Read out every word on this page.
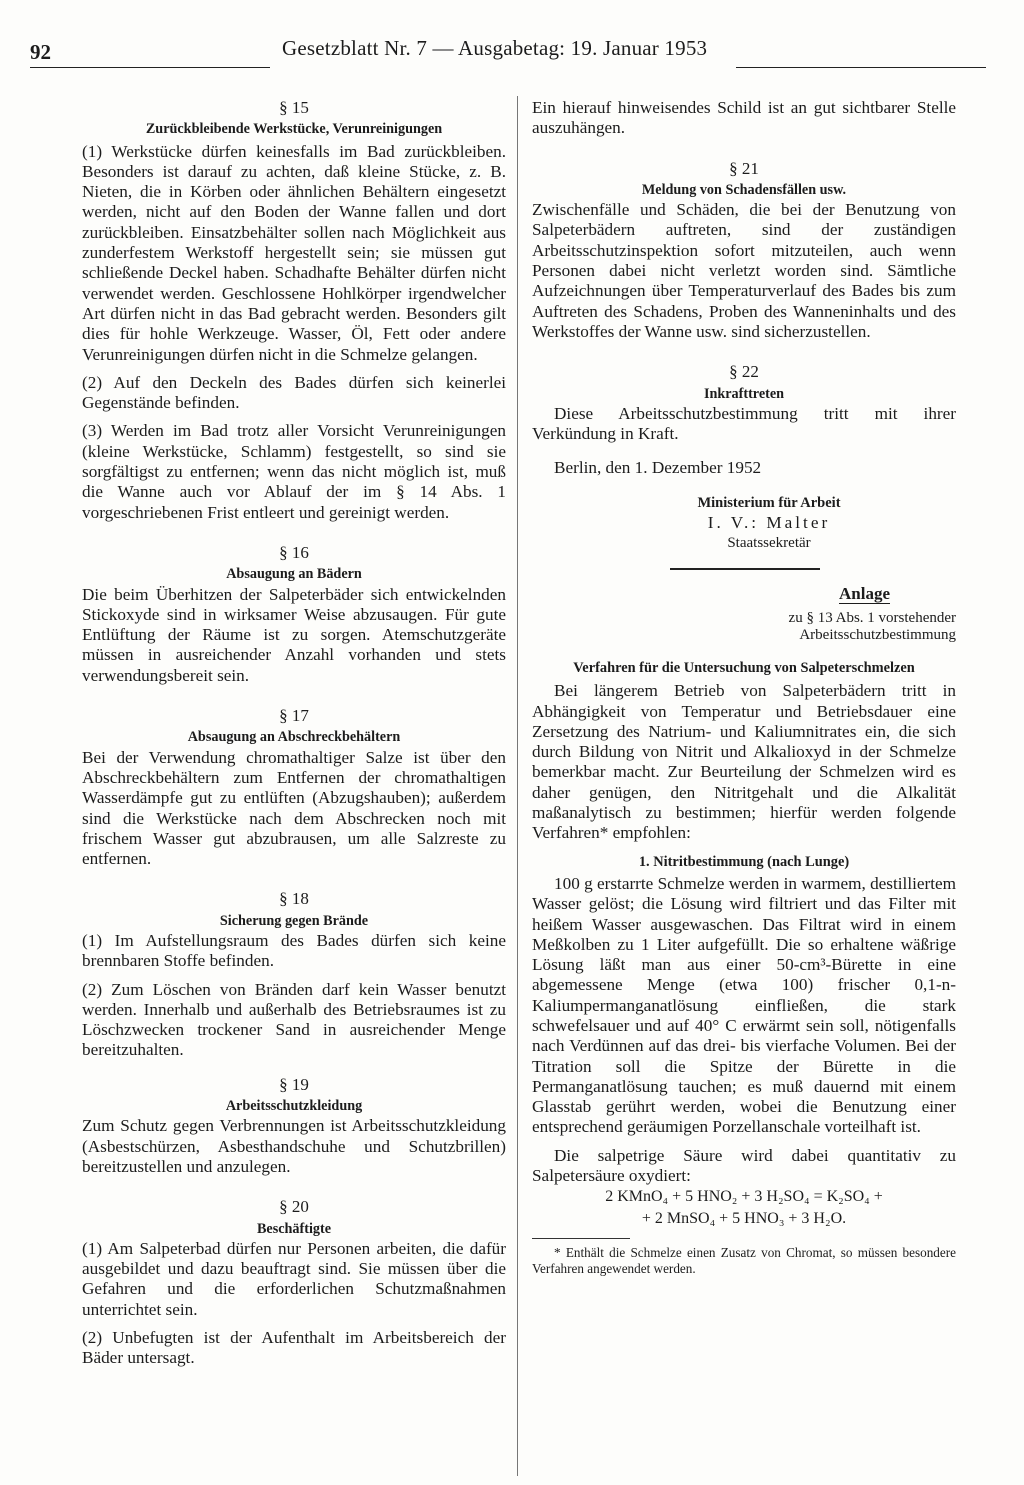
92	Gesetzblatt Nr. 7 — Ausgabetag: 19. Januar 1953
§ 15
Zurückbleibende Werkstücke, Verunreinigungen

(1) Werkstücke dürfen keinesfalls im Bad zurückbleiben. Besonders ist darauf zu achten, daß kleine Stücke, z. B. Nieten, die in Körben oder ähnlichen Behältern eingesetzt werden, nicht auf den Boden der Wanne fallen und dort zurückbleiben. Einsatzbehälter sollen nach Möglichkeit aus zunderfestem Werkstoff hergestellt sein; sie müssen gut schließende Deckel haben. Schadhafte Behälter dürfen nicht verwendet werden. Geschlossene Hohlkörper irgendwelcher Art dürfen nicht in das Bad gebracht werden. Besonders gilt dies für hohle Werkzeuge. Wasser, Öl, Fett oder andere Verunreinigungen dürfen nicht in die Schmelze gelangen.

(2) Auf den Deckeln des Bades dürfen sich keinerlei Gegenstände befinden.

(3) Werden im Bad trotz aller Vorsicht Verunreinigungen (kleine Werkstücke, Schlamm) festgestellt, so sind sie sorgfältigst zu entfernen; wenn das nicht möglich ist, muß die Wanne auch vor Ablauf der im § 14 Abs. 1 vorgeschriebenen Frist entleert und gereinigt werden.

§ 16
Absaugung an Bädern

Die beim Überhitzen der Salpeterbäder sich entwickelnden Stickoxyde sind in wirksamer Weise abzusaugen. Für gute Entlüftung der Räume ist zu sorgen. Atemschutzgeräte müssen in ausreichender Anzahl vorhanden und stets verwendungsbereit sein.

§ 17
Absaugung an Abschreckbehältern

Bei der Verwendung chromathaltiger Salze ist über den Abschreckbehältern zum Entfernen der chromathaltigen Wasserdämpfe gut zu entlüften (Abzugshauben); außerdem sind die Werkstücke nach dem Abschrecken noch mit frischem Wasser gut abzubrausen, um alle Salzreste zu entfernen.

§ 18
Sicherung gegen Brände

(1) Im Aufstellungsraum des Bades dürfen sich keine brennbaren Stoffe befinden.

(2) Zum Löschen von Bränden darf kein Wasser benutzt werden. Innerhalb und außerhalb des Betriebsraumes ist zu Löschzwecken trockener Sand in ausreichender Menge bereitzuhalten.

§ 19
Arbeitsschutzkleidung

Zum Schutz gegen Verbrennungen ist Arbeitsschutzkleidung (Asbestschürzen, Asbesthandschuhe und Schutzbrillen) bereitzustellen und anzulegen.

§ 20
Beschäftigte

(1) Am Salpeterbad dürfen nur Personen arbeiten, die dafür ausgebildet und dazu beauftragt sind. Sie müssen über die Gefahren und die erforderlichen Schutzmaßnahmen unterrichtet sein.

(2) Unbefugten ist der Aufenthalt im Arbeitsbereich der Bäder untersagt.

Ein hierauf hinweisendes Schild ist an gut sichtbarer Stelle auszuhängen.

§ 21
Meldung von Schadensfällen usw.

Zwischenfälle und Schäden, die bei der Benutzung von Salpeterbädern auftreten, sind der zuständigen Arbeitsschutzinspektion sofort mitzuteilen, auch wenn Personen dabei nicht verletzt worden sind. Sämtliche Aufzeichnungen über Temperaturverlauf des Bades bis zum Auftreten des Schadens, Proben des Wanneninhalts und des Werkstoffes der Wanne usw. sind sicherzustellen.

§ 22
Inkrafttreten

Diese Arbeitsschutzbestimmung tritt mit ihrer Verkündung in Kraft.

Berlin, den 1. Dezember 1952

Ministerium für Arbeit
I. V.: Malter
Staatssekretär
Anlage
zu § 13 Abs. 1 vorstehender
Arbeitsschutzbestimmung
Verfahren für die Untersuchung von Salpeterschmelzen

Bei längerem Betrieb von Salpeterbädern tritt in Abhängigkeit von Temperatur und Betriebsdauer eine Zersetzung des Natrium- und Kaliumnitrates ein, die sich durch Bildung von Nitrit und Alkalioxyd in der Schmelze bemerkbar macht. Zur Beurteilung der Schmelzen wird es daher genügen, den Nitritgehalt und die Alkalität maßanalytisch zu bestimmen; hierfür werden folgende Verfahren* empfohlen:

1. Nitritbestimmung (nach Lunge)

100 g erstarrte Schmelze werden in warmem, destilliertem Wasser gelöst; die Lösung wird filtriert und das Filter mit heißem Wasser ausgewaschen. Das Filtrat wird in einem Meßkolben zu 1 Liter aufgefüllt. Die so erhaltene wäßrige Lösung läßt man aus einer 50-cm³-Bürette in eine abgemessene Menge (etwa 100) frischer 0,1-n-Kaliumpermanganatlösung einfließen, die stark schwefelsauer und auf 40° C erwärmt sein soll, nötigenfalls nach Verdünnen auf das drei- bis vierfache Volumen. Bei der Titration soll die Spitze der Bürette in die Permanganatlösung tauchen; es muß dauernd mit einem Glasstab gerührt werden, wobei die Benutzung einer entsprechend geräumigen Porzellanschale vorteilhaft ist.

Die salpetrige Säure wird dabei quantitativ zu Salpetersäure oxydiert:

2 KMnO₄ + 5 HNO₂ + 3 H₂SO₄ = K₂SO₄ +
+ 2 MnSO₄ + 5 HNO₃ + 3 H₂O.
* Enthält die Schmelze einen Zusatz von Chromat, so müssen besondere Verfahren angewendet werden.
